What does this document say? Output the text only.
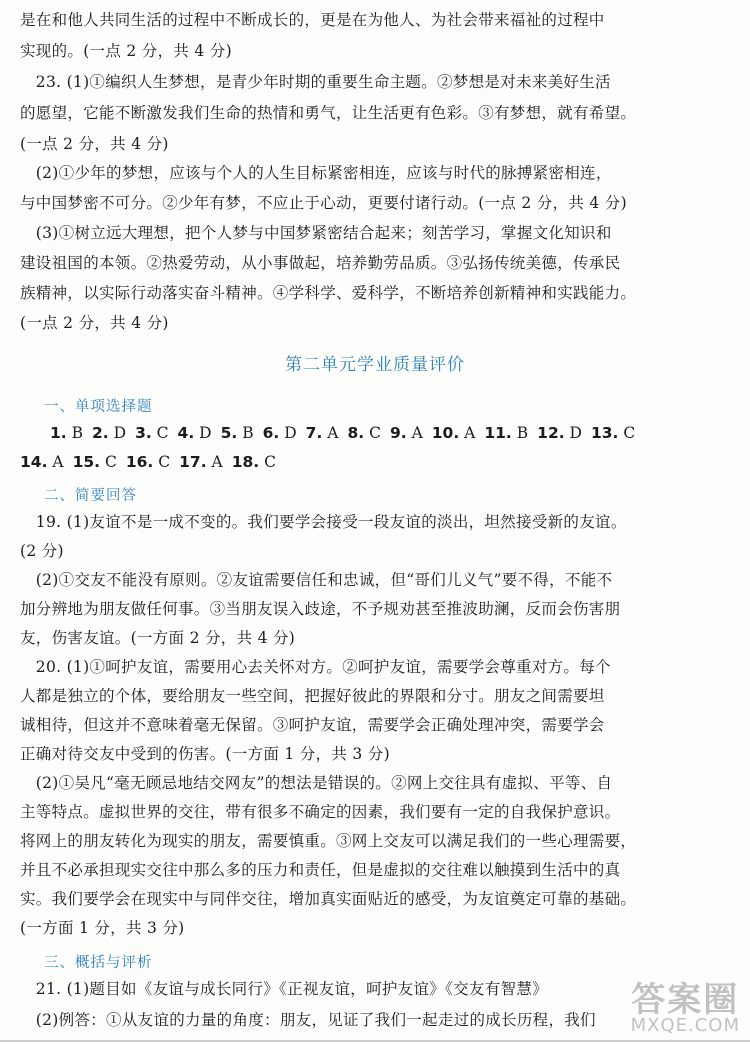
是在和他人共同生活的过程中不断成长的，更是在为他人、为社会带来福祉的过程中
实现的。(一点 2 分，共 4 分)
　23. (1)①编织人生梦想，是青少年时期的重要生命主题。②梦想是对未来美好生活
的愿望，它能不断激发我们生命的热情和勇气，让生活更有色彩。③有梦想，就有希望。
(一点 2 分，共 4 分)
　(2)①少年的梦想，应该与个人的人生目标紧密相连，应该与时代的脉搏紧密相连，
与中国梦密不可分。②少年有梦，不应止于心动，更要付诸行动。(一点 2 分，共 4 分)
　(3)①树立远大理想，把个人梦与中国梦紧密结合起来；刻苦学习，掌握文化知识和
建设祖国的本领。②热爱劳动，从小事做起，培养勤劳品质。③弘扬传统美德，传承民
族精神，以实际行动落实奋斗精神。④学科学、爱科学，不断培养创新精神和实践能力。
(一点 2 分，共 4 分)
第二单元学业质量评价
一、单项选择题
1. B 2. D 3. C 4. D 5. B 6. D 7. A 8. C 9. A 10. A 11. B 12. D 13. C
14. A 15. C 16. C 17. A 18. C
二、简要回答
　19. (1)友谊不是一成不变的。我们要学会接受一段友谊的淡出，坦然接受新的友谊。
(2 分)
　(2)①交友不能没有原则。②友谊需要信任和忠诚，但“哥们儿义气”要不得，不能不
加分辨地为朋友做任何事。③当朋友误入歧途，不予规劝甚至推波助澜，反而会伤害朋
友，伤害友谊。(一方面 2 分，共 4 分)
　20. (1)①呵护友谊，需要用心去关怀对方。②呵护友谊，需要学会尊重对方。每个
人都是独立的个体，要给朋友一些空间，把握好彼此的界限和分寸。朋友之间需要坦
诚相待，但这并不意味着毫无保留。③呵护友谊，需要学会正确处理冲突，需要学会
正确对待交友中受到的伤害。(一方面 1 分，共 3 分)
　(2)①吴凡“毫无顾忌地结交网友”的想法是错误的。②网上交往具有虚拟、平等、自
主等特点。虚拟世界的交往，带有很多不确定的因素，我们要有一定的自我保护意识。
将网上的朋友转化为现实的朋友，需要慎重。③网上交友可以满足我们的一些心理需要，
并且不必承担现实交往中那么多的压力和责任，但是虚拟的交往难以触摸到生活中的真
实。我们要学会在现实中与同伴交往，增加真实面贴近的感受，为友谊奠定可靠的基础。
(一方面 1 分，共 3 分)
三、概括与评析
　21. (1)题目如《友谊与成长同行》《正视友谊，呵护友谊》《交友有智慧》
　(2)例答：①从友谊的力量的角度：朋友，见证了我们一起走过的成长历程，我们	答案圈
MXQE.COM
